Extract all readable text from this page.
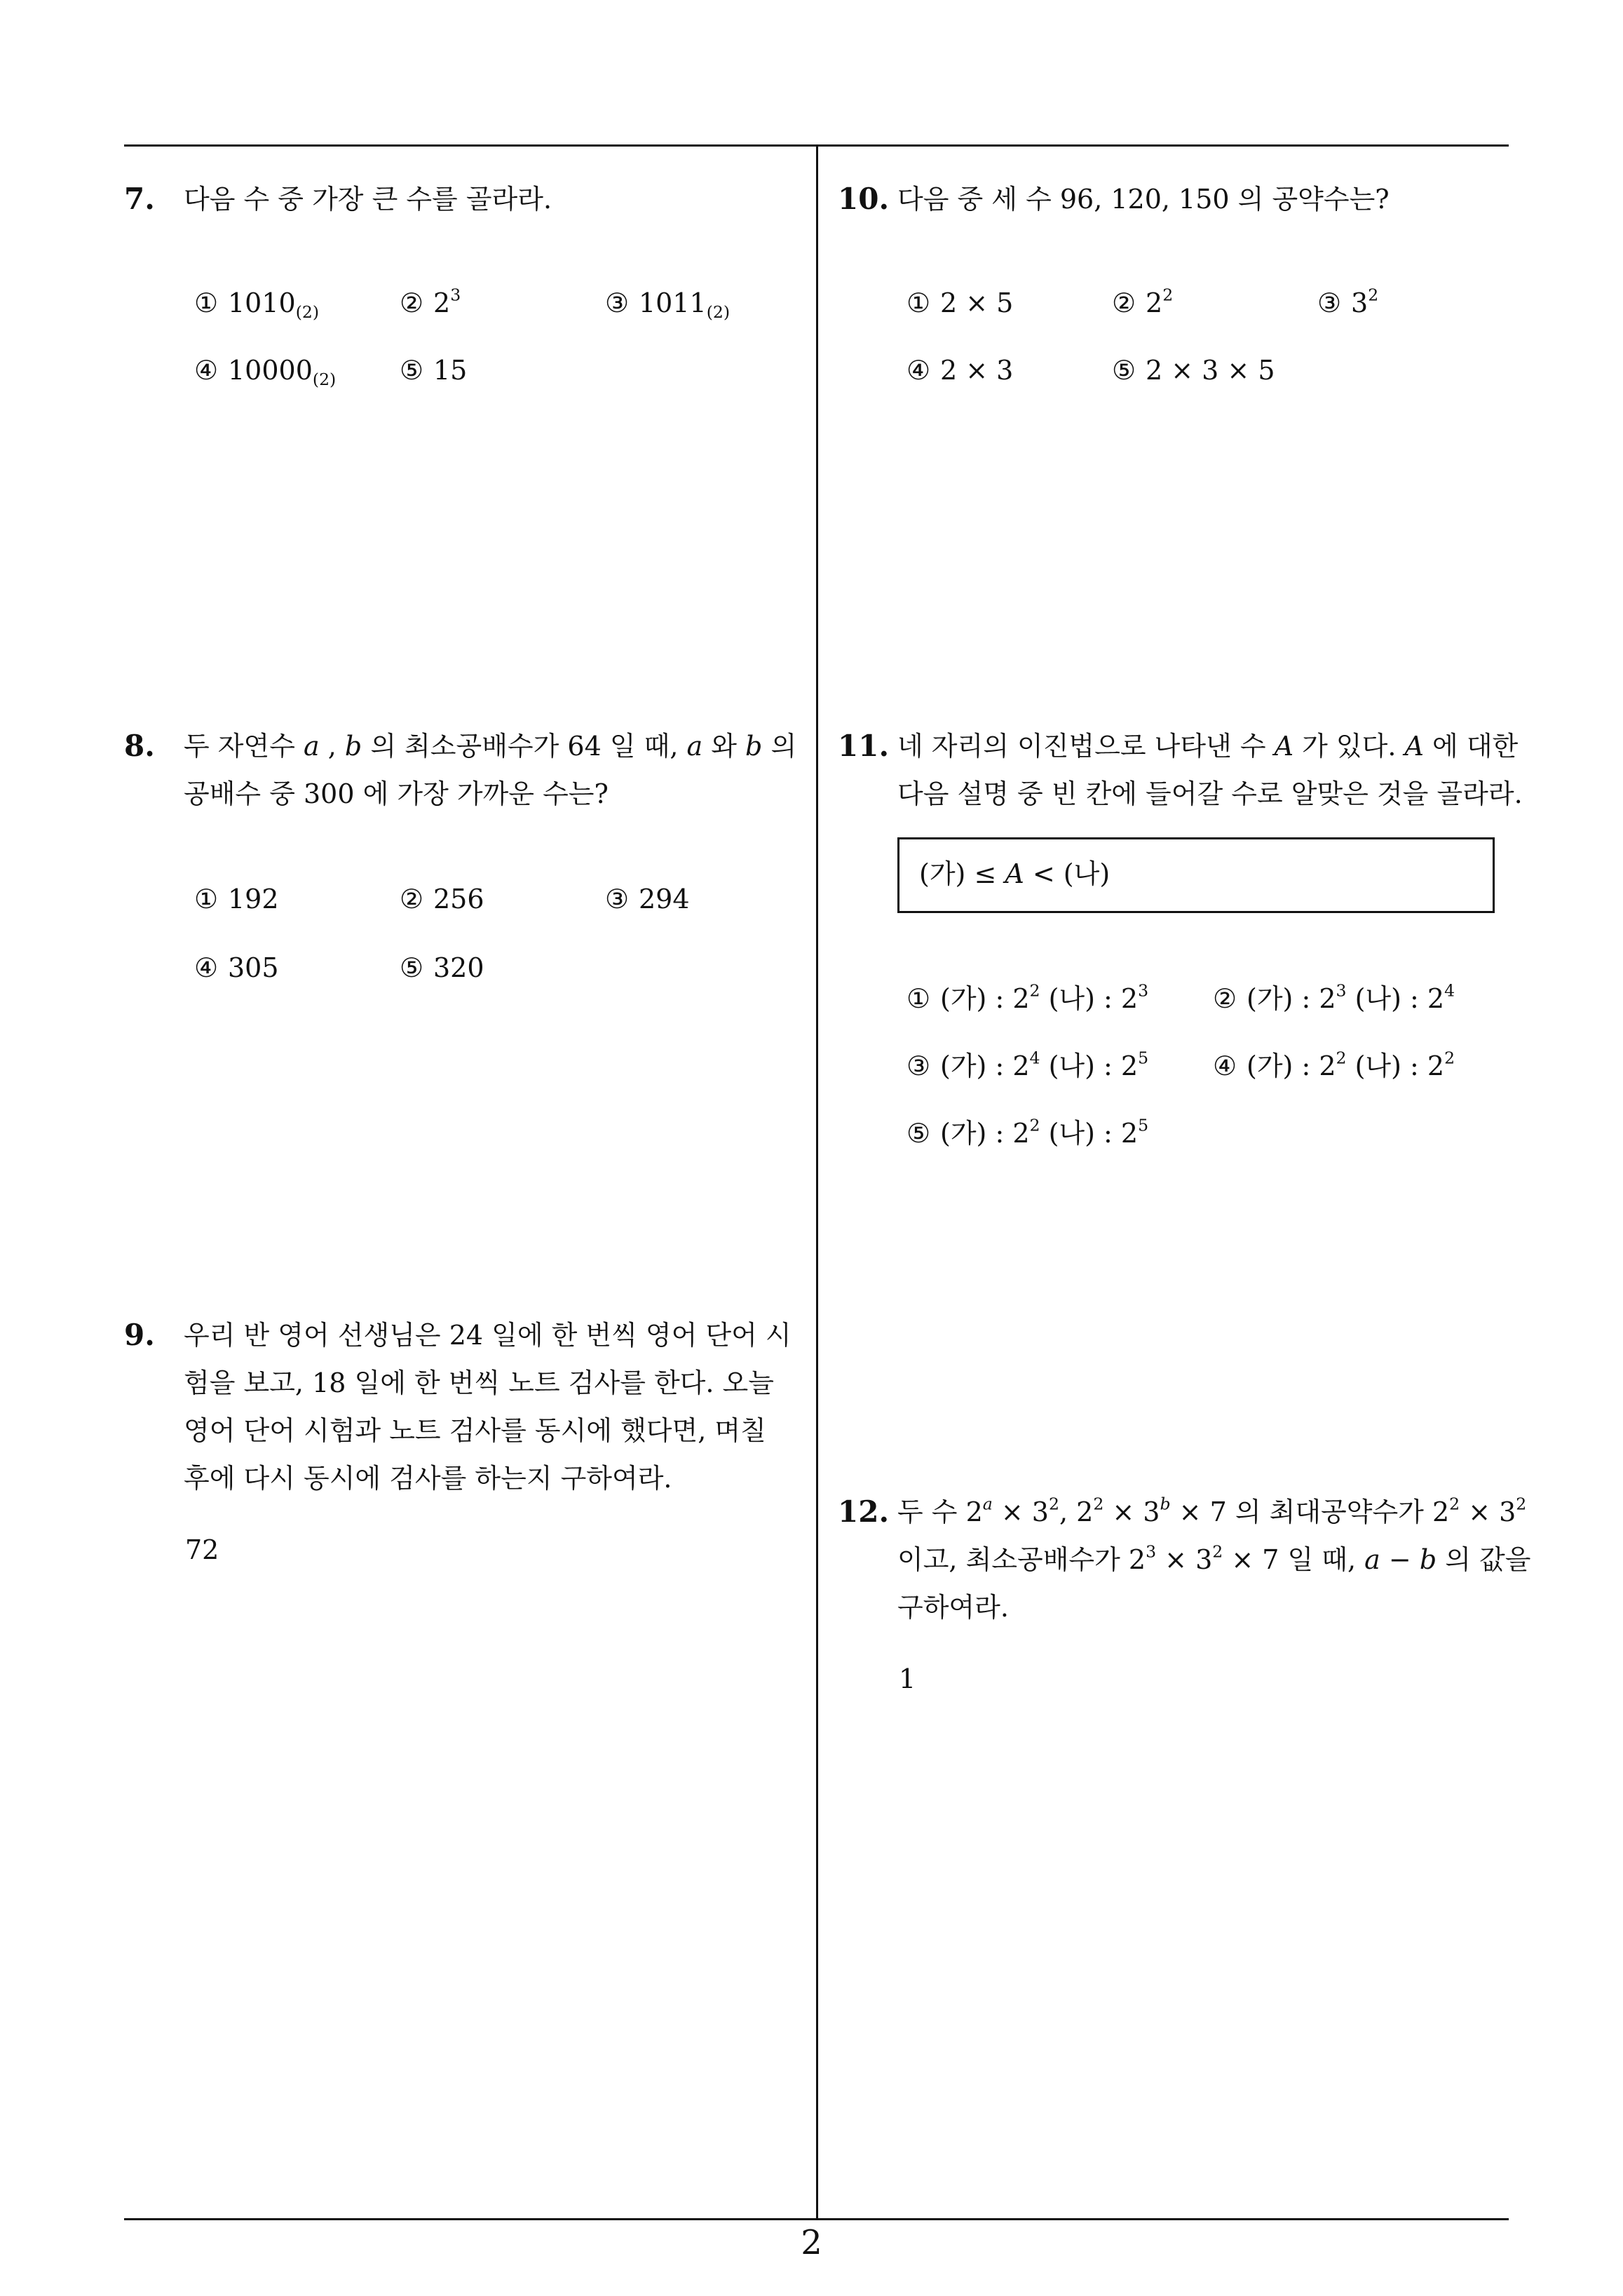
7. 다음 수 중 가장 큰 수를 골라라.
① $1010_{(2)}$	② $2^3$	③ $1011_{(2)}$
④ $10000_{(2)}$ ⑤ 15
8. 두 자연수 a , b 의 최소공배수가 64 일 때, a 와 b 의
공배수 중 300 에 가장 가까운 수는?
① 192	② 256	③ 294
④ 305	⑤ 320
9. 우리 반 영어 선생님은 24 일에 한 번씩 영어 단어 시
험을 보고, 18 일에 한 번씩 노트 검사를 한다. 오늘
영어 단어 시험과 노트 검사를 동시에 했다면, 며칠
후에 다시 동시에 검사를 하는지 구하여라.
72
10. 다음 중 세 수 96, 120, 150 의 공약수는?
① 2 × 5	② $2^2$	③ $3^2$
④ 2 × 3	⑤ 2 × 3 × 5
11. 네 자리의 이진법으로 나타낸 수 A 가 있다. A 에 대한
다음 설명 중 빈 칸에 들어갈 수로 알맞은 것을 골라라.
(가) ≤ A < (나)
① (가) : $2^2$ (나) : $2^3$ ② (가) : $2^3$ (나) : $2^4$
③ (가) : $2^4$ (나) : $2^5$ ④ (가) : $2^2$ (나) : $2^2$
⑤ (가) : $2^2$ (나) : $2^5$
12. 두 수 $2^a \times 3^2$, $2^2 \times 3^b \times 7$ 의 최대공약수가 $2^2 \times 3^2$
이고, 최소공배수가 $2^3 \times 3^2 \times 7$ 일 때, a − b 의 값을
구하여라.
1
2
